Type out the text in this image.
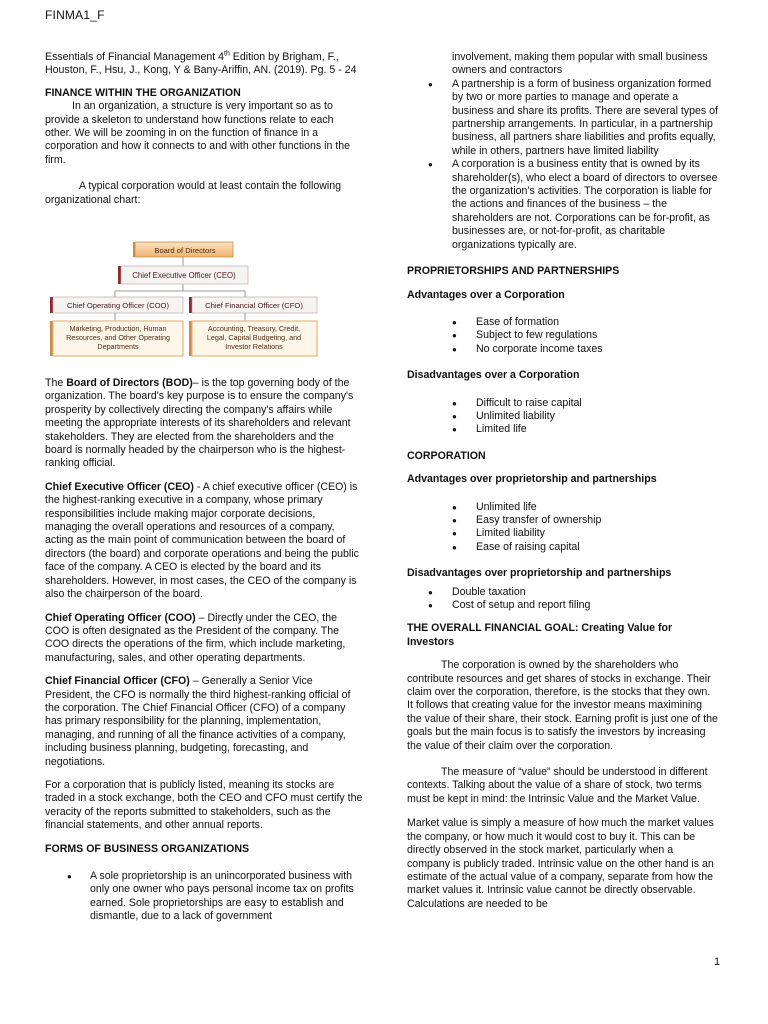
FINMA1_F

Essentials of Financial Management 4th Edition by Brigham, F., Houston, F., Hsu, J., Kong, Y & Bany-Ariffin, AN. (2019). Pg. 5 - 24

FINANCE WITHIN THE ORGANIZATION

In an organization, a structure is very important so as to provide a skeleton to understand how functions relate to each other. We will be zooming in on the function of finance in a corporation and how it connects to and with other functions in the firm.

A typical corporation would at least contain the following organizational chart:

Board of Directors
Chief Executive Officer (CEO)
Chief Operating Officer (COO)	Chief Financial Officer (CFO)
Marketing, Production, Human
Resources, and Other Operating
Departments
Accounting, Treasury, Credit,
Legal, Capital Budgeting, and
Investor Relations

The Board of Directors (BOD)– is the top governing body of the organization. The board's key purpose is to ensure the company's prosperity by collectively directing the company's affairs while meeting the appropriate interests of its shareholders and relevant stakeholders. They are elected from the shareholders and the board is normally headed by the chairperson who is the highest-ranking official.

Chief Executive Officer (CEO) - A chief executive officer (CEO) is the highest-ranking executive in a company, whose primary responsibilities include making major corporate decisions, managing the overall operations and resources of a company, acting as the main point of communication between the board of directors (the board) and corporate operations and being the public face of the company. A CEO is elected by the board and its shareholders. However, in most cases, the CEO of the company is also the chairperson of the board.

Chief Operating Officer (COO) – Directly under the CEO, the COO is often designated as the President of the company. The COO directs the operations of the firm, which include marketing, manufacturing, sales, and other operating departments.

Chief Financial Officer (CFO) – Generally a Senior Vice President, the CFO is normally the third highest-ranking official of the corporation. The Chief Financial Officer (CFO) of a company has primary responsibility for the planning, implementation, managing, and running of all the finance activities of a company, including business planning, budgeting, forecasting, and negotiations.

For a corporation that is publicly listed, meaning its stocks are traded in a stock exchange, both the CEO and CFO must certify the veracity of the reports submitted to stakeholders, such as the financial statements, and other annual reports.

FORMS OF BUSINESS ORGANIZATIONS

● A sole proprietorship is an unincorporated business with only one owner who pays personal income tax on profits earned. Sole proprietorships are easy to establish and dismantle, due to a lack of government
involvement, making them popular with small business owners and contractors
● A partnership is a form of business organization formed by two or more parties to manage and operate a business and share its profits. There are several types of partnership arrangements. In particular, in a partnership business, all partners share liabilities and profits equally, while in others, partners have limited liability
● A corporation is a business entity that is owned by its shareholder(s), who elect a board of directors to oversee the organization’s activities. The corporation is liable for the actions and finances of the business – the shareholders are not. Corporations can be for-profit, as businesses are, or not-for-profit, as charitable organizations typically are.

PROPRIETORSHIPS AND PARTNERSHIPS

Advantages over a Corporation

● Ease of formation
● Subject to few regulations
● No corporate income taxes

Disadvantages over a Corporation

● Difficult to raise capital
● Unlimited liability
● Limited life

CORPORATION

Advantages over proprietorship and partnerships

● Unlimited life
● Easy transfer of ownership
● Limited liability
● Ease of raising capital

Disadvantages over proprietorship and partnerships

● Double taxation
● Cost of setup and report filing

THE OVERALL FINANCIAL GOAL: Creating Value for Investors

The corporation is owned by the shareholders who contribute resources and get shares of stocks in exchange. Their claim over the corporation, therefore, is the stocks that they own. It follows that creating value for the investor means maximining the value of their share, their stock. Earning profit is just one of the goals but the main focus is to satisfy the investors by increasing the value of their claim over the corporation.

The measure of “value” should be understood in different contexts. Talking about the value of a share of stock, two terms must be kept in mind: the Intrinsic Value and the Market Value.

Market value is simply a measure of how much the market values the company, or how much it would cost to buy it. This can be directly observed in the stock market, particularly when a company is publicly traded. Intrinsic value on the other hand is an estimate of the actual value of a company, separate from how the market values it. Intrinsic value cannot be directly observable. Calculations are needed to be

1
